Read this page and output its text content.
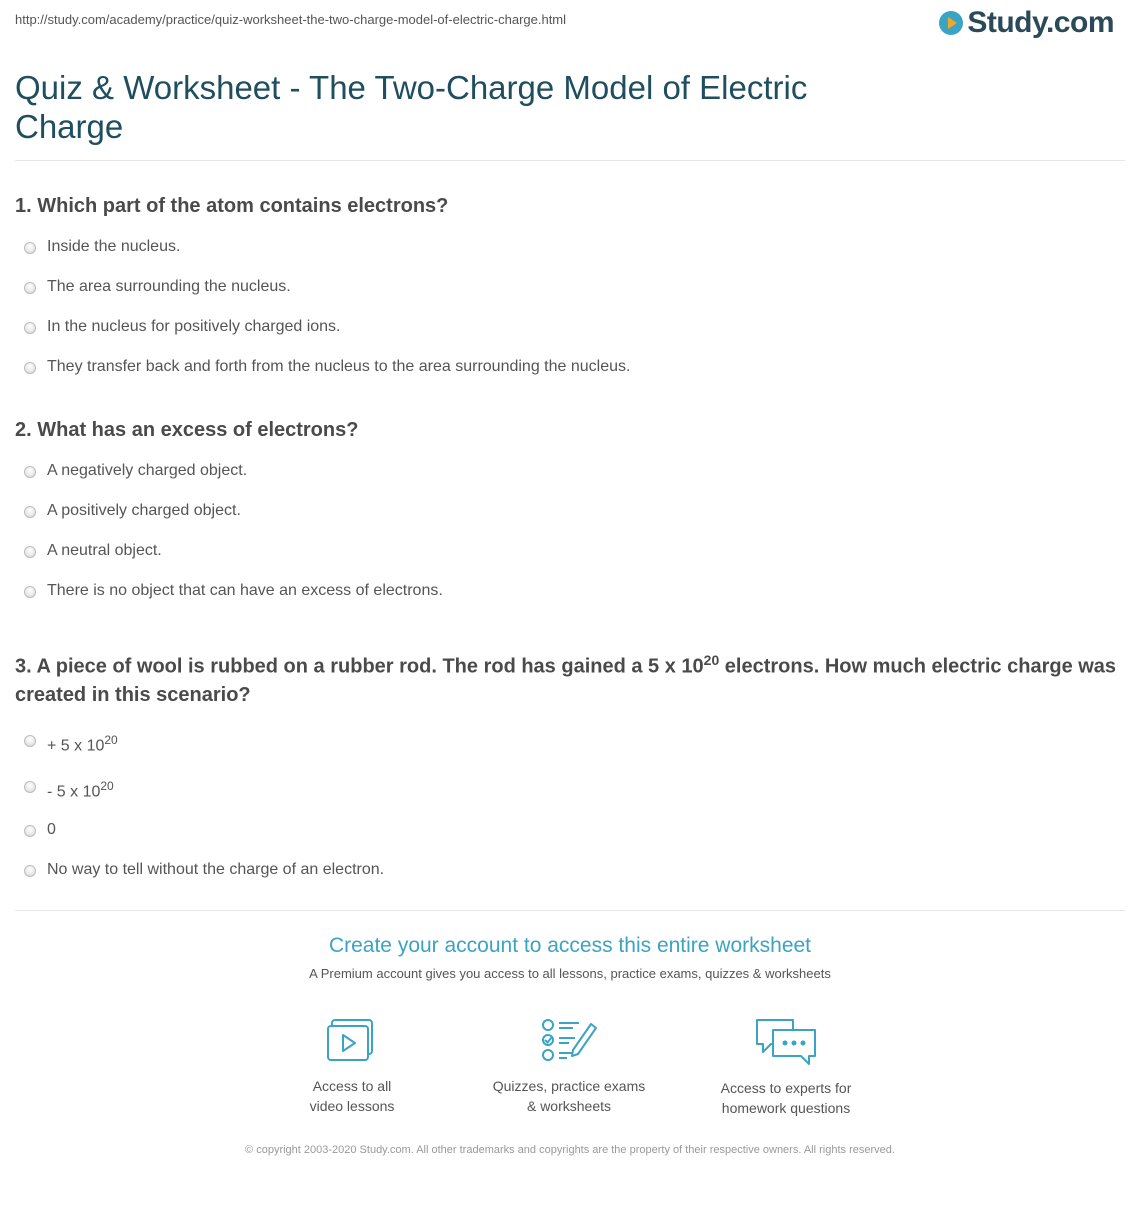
http://study.com/academy/practice/quiz-worksheet-the-two-charge-model-of-electric-charge.html	Study.com
Quiz & Worksheet - The Two-Charge Model of Electric Charge

1. Which part of the atom contains electrons?

Inside the nucleus.
The area surrounding the nucleus.
In the nucleus for positively charged ions.
They transfer back and forth from the nucleus to the area surrounding the nucleus.

2. What has an excess of electrons?

A negatively charged object.
A positively charged object.
A neutral object.
There is no object that can have an excess of electrons.

3. A piece of wool is rubbed on a rubber rod. The rod has gained a 5 x $10^{20}$ electrons. How much electric charge was created in this scenario?

+ 5 x $10^{20}$
- 5 x $10^{20}$
0
No way to tell without the charge of an electron.

Create your account to access this entire worksheet

A Premium account gives you access to all lessons, practice exams, quizzes & worksheets

Access to all
video lessons
Quizzes, practice exams
& worksheets
Access to experts for
homework questions
© copyright 2003-2020 Study.com. All other trademarks and copyrights are the property of their respective owners. All rights reserved.
